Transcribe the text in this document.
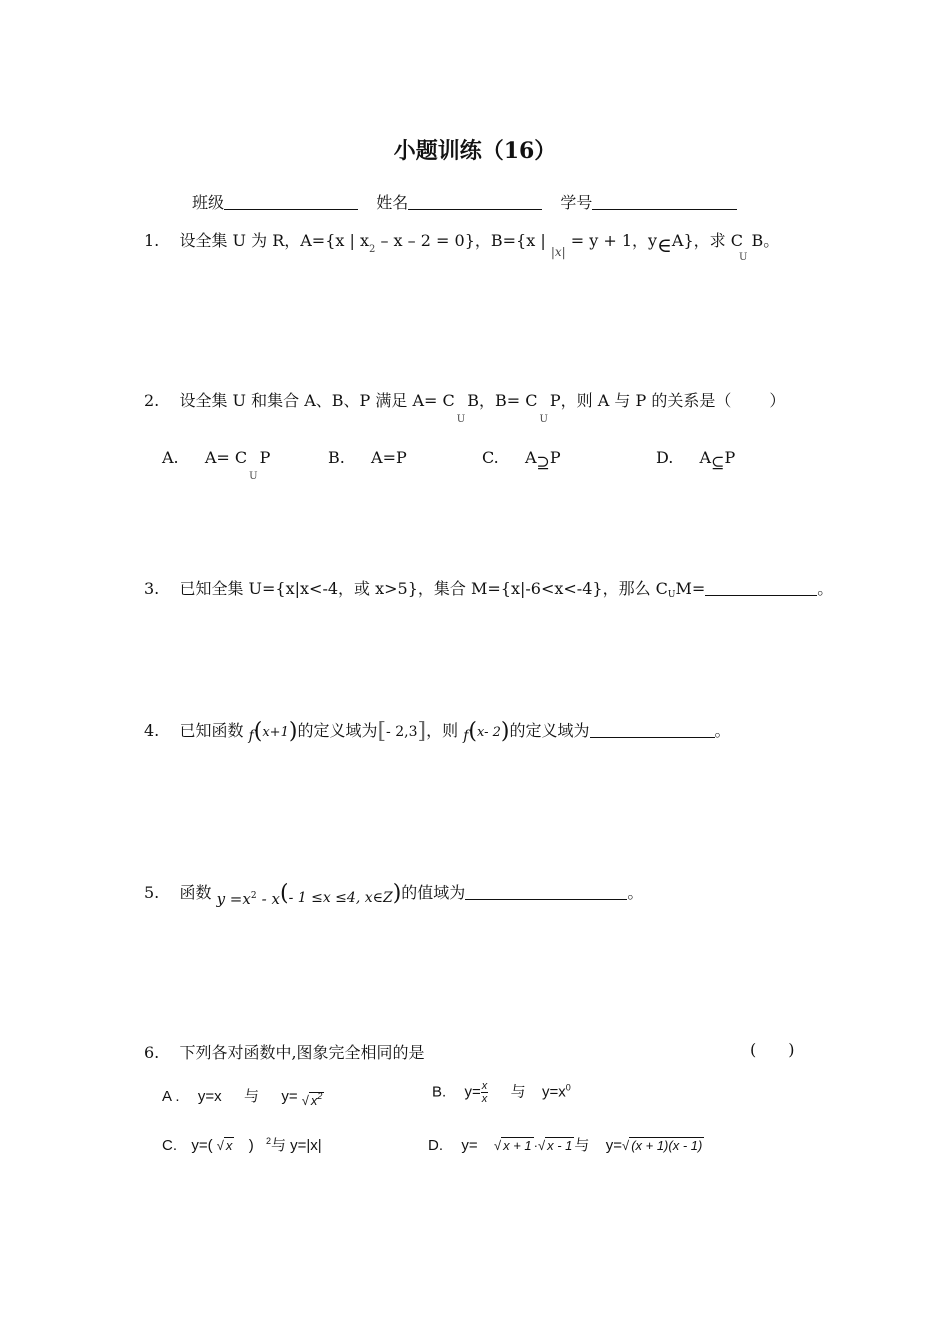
小题训练（16）
班级	姓名	学号
1. 设全集 U 为 R，A={x | $x_2 - x - 2 = 0$}，B={x | $_{|x|}$ = y + 1，y∈A}，求 $C_UB$。
2. 设全集 U 和集合 A、B、P 满足 $A= C_UB$，$B= C_UP$，则 A 与 P 的关系是（ ）
A. $A= C_UP$	B. A=P	C. A⊇P	D. A⊆P
3. 已知全集 U={x|x<-4，或 x>5}，集合 M={x|-6<x<-4}，那么 CUM=	。
4. 已知函数 f(x+1)的定义域为[- 2,3]，则 f(x- 2)的定义域为	。
5. 函数 y =x2 - x(- 1 ≤x ≤4, x∈Z)的值域为	。
6. 下列各对函数中,图象完全相同的是	( )
A . y=x 与 y= √ $x^2$	B. $y= \frac{x}{x}$ 与 $y=x^0$
C. y=( √ x ) $^2$与 y=|x|	D. y= √ x + 1 ·√ x - 1 与 y=√ (x + 1)(x - 1)
